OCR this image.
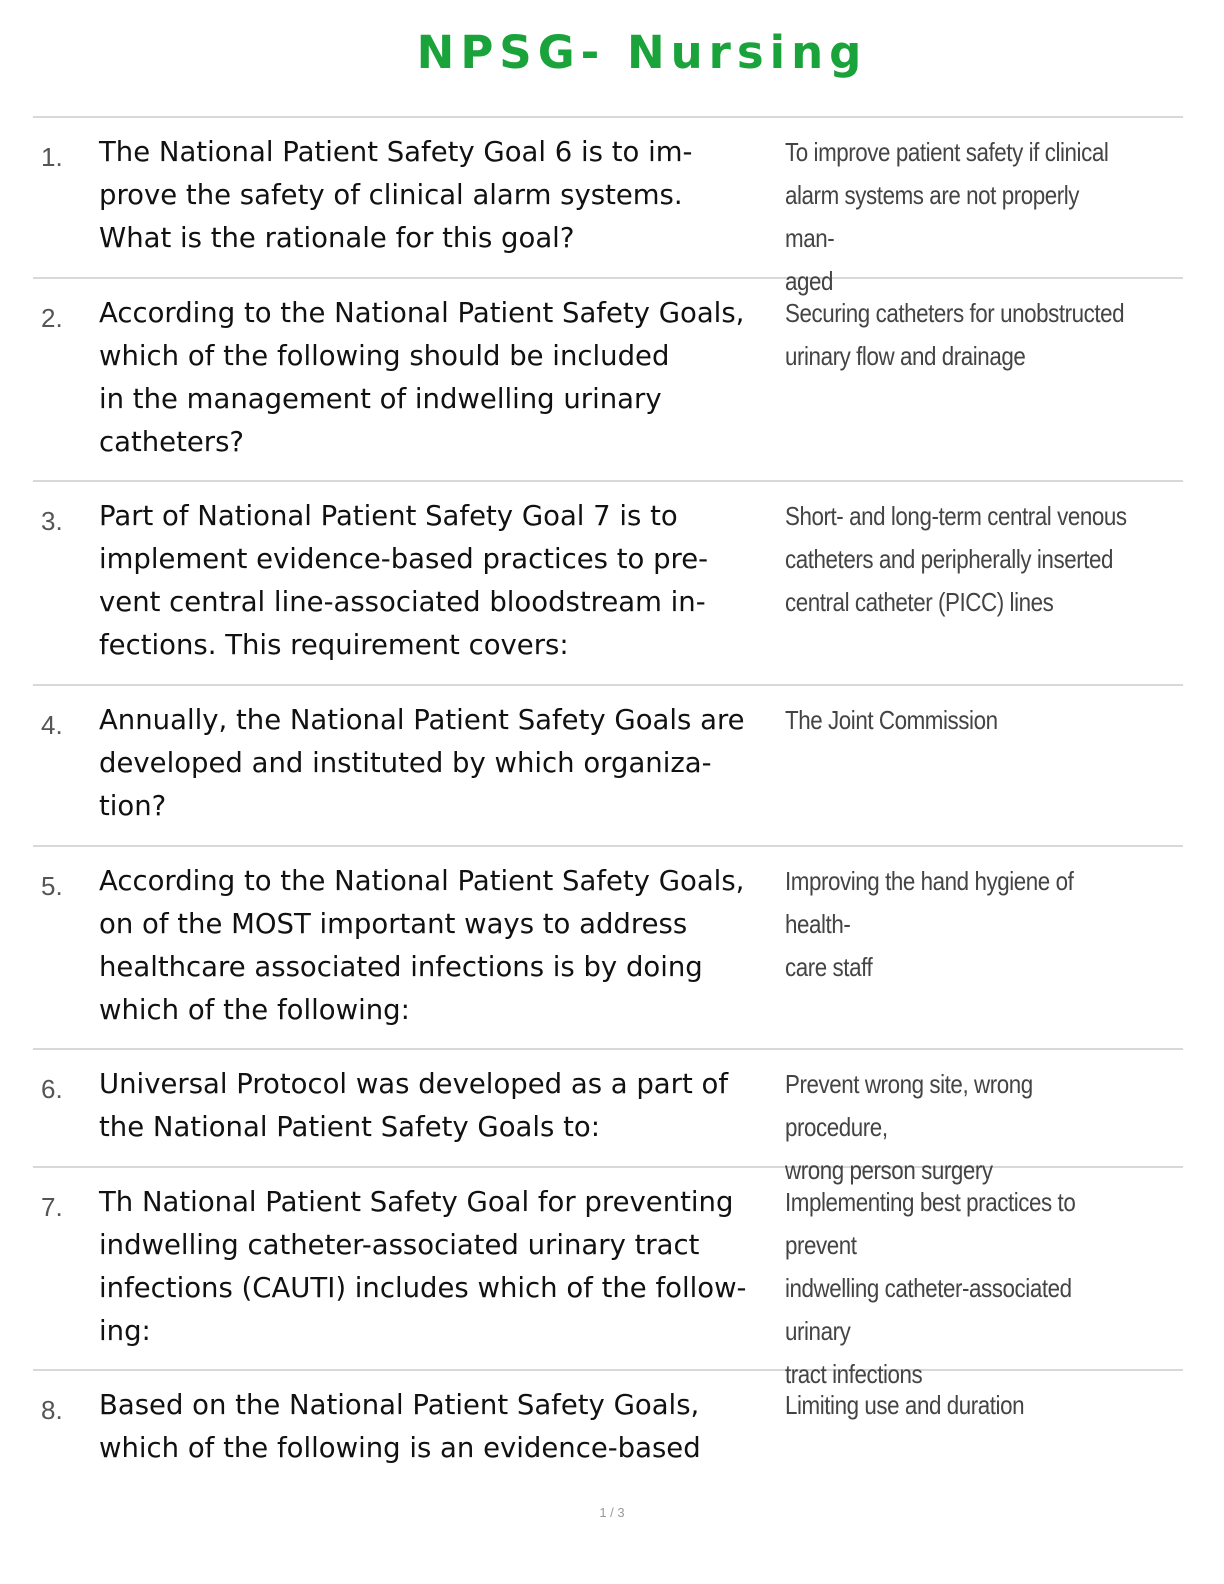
NPSG- Nursing
1. The National Patient Safety Goal 6 is to im-
prove the safety of clinical alarm systems.
What is the rationale for this goal?

To improve patient safety if clinical
alarm systems are not properly man-
aged
2. According to the National Patient Safety Goals,
which of the following should be included
in the management of indwelling urinary
catheters?

Securing catheters for unobstructed
urinary flow and drainage
3. Part of National Patient Safety Goal 7 is to
implement evidence-based practices to pre-
vent central line-associated bloodstream in-
fections. This requirement covers:

Short- and long-term central venous
catheters and peripherally inserted
central catheter (PICC) lines
4. Annually, the National Patient Safety Goals are
developed and instituted by which organiza-
tion?

The Joint Commission
5. According to the National Patient Safety Goals,
on of the MOST important ways to address
healthcare associated infections is by doing
which of the following:

Improving the hand hygiene of health-
care staff
6. Universal Protocol was developed as a part of
the National Patient Safety Goals to:

Prevent wrong site, wrong procedure,
wrong person surgery
7. Th National Patient Safety Goal for preventing
indwelling catheter-associated urinary tract
infections (CAUTI) includes which of the follow-
ing:

Implementing best practices to prevent
indwelling catheter-associated urinary
tract infections
8. Based on the National Patient Safety Goals,
which of the following is an evidence-based

Limiting use and duration
1 / 3
